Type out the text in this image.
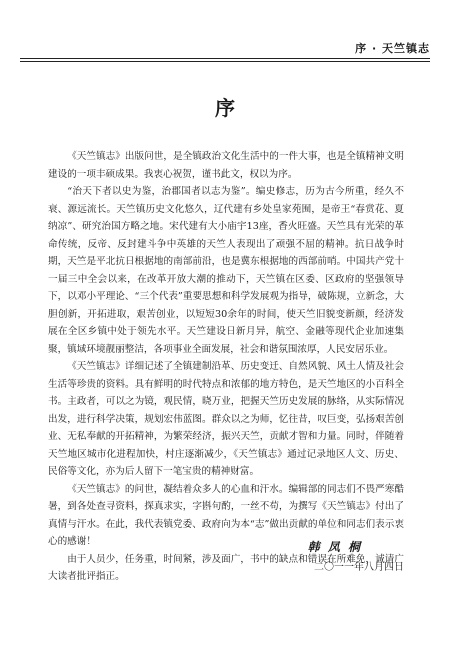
序 · 天竺镇志
序

《天竺镇志》出版问世，是全镇政治文化生活中的一件大事，也是全镇精神文明建设的一项丰硕成果。我衷心祝贺，谨书此文，权以为序。

“治天下者以史为鉴，治郡国者以志为鉴”。编史修志，历为古今所重，经久不衰、源远流长。天竺镇历史文化悠久，辽代建有乡处皇家苑囿，是帝王“春赏花、夏纳凉”、研究治国方略之地。宋代建有大小庙宇13座，香火旺盛。天竺具有光荣的革命传统，反帝、反封建斗争中英雄的天竺人表现出了顽强不屈的精神。抗日战争时期，天竺是平北抗日根据地的南部前沿，也是冀东根据地的西部前哨。中国共产党十一届三中全会以来，在改革开放大潮的推动下，天竺镇在区委、区政府的坚强领导下，以邓小平理论、“三个代表”重要思想和科学发展观为指导，破陈规，立新念，大胆创新，开拓进取，艰苦创业，以短短30余年的时间，使天竺旧貌变新颜，经济发展在全区乡镇中处于领先水平。天竺建设日新月异，航空、金融等现代企业加速集聚，镇域环境靓丽整洁，各项事业全面发展，社会和谐氛围浓厚，人民安居乐业。

《天竺镇志》详细记述了全镇建制沿革、历史变迁、自然风貌、风土人情及社会生活等珍贵的资料。具有鲜明的时代特点和浓郁的地方特色，是天竺地区的小百科全书。主政者，可以之为镜，观民情，晓万业，把握天竺历史发展的脉络，从实际情况出发，进行科学决策，规划宏伟蓝图。群众以之为师，忆往昔，叹巨变，弘扬艰苦创业、无私奉献的开拓精神，为繁荣经济，振兴天竺，贡献才智和力量。同时，伴随着天竺地区城市化进程加快，村庄逐渐减少，《天竺镇志》通过记录地区人文、历史、民俗等文化，亦为后人留下一笔宝贵的精神财富。

《天竺镇志》的问世，凝结着众多人的心血和汗水。编辑部的同志们不畏严寒酷暑，到各处查寻资料，探真求实，字斟句酌，一丝不苟，为撰写《天竺镇志》付出了真情与汗水。在此，我代表镇党委、政府向为本“志”做出贡献的单位和同志们表示衷心的感谢！

由于人员少，任务重，时间紧，涉及面广，书中的缺点和错误在所难免，诚请广大读者批评指正。

韩 凤 桐
二〇一一年八月四日
